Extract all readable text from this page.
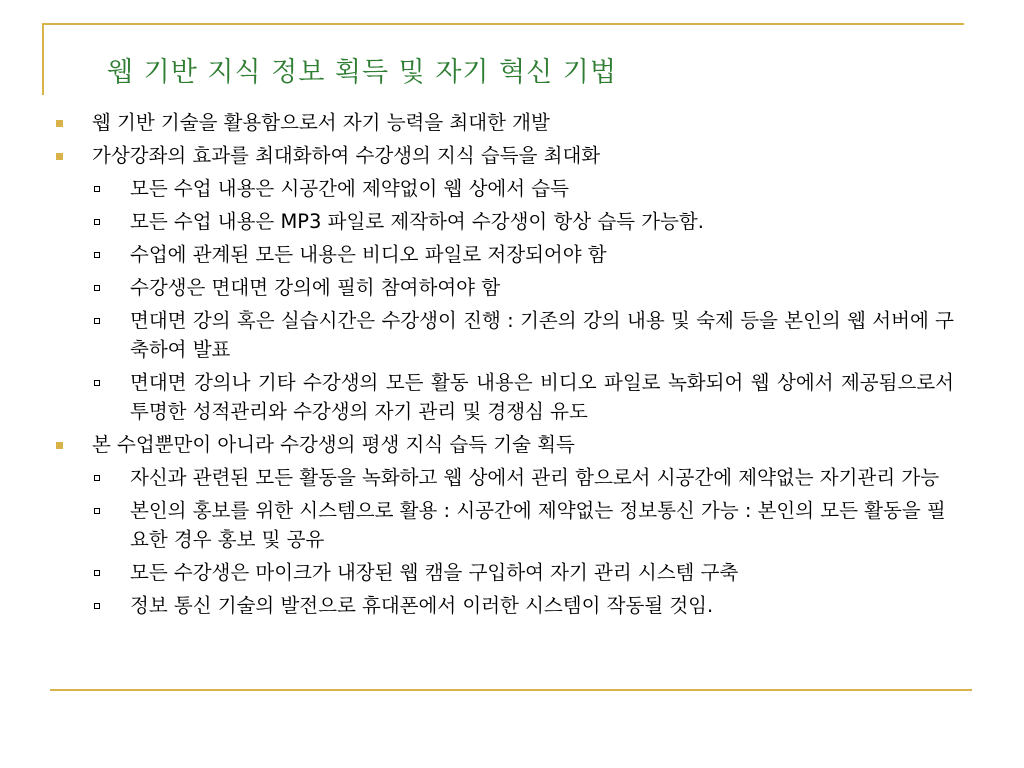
웹 기반 지식 정보 획득 및 자기 혁신 기법
웹 기반 기술을 활용함으로서 자기 능력을 최대한 개발
가상강좌의 효과를 최대화하여 수강생의 지식 습득을 최대화
모든 수업 내용은 시공간에 제약없이 웹 상에서 습득
모든 수업 내용은 MP3 파일로 제작하여 수강생이 항상 습득 가능함.
수업에 관계된 모든 내용은 비디오 파일로 저장되어야 함
수강생은 면대면 강의에 필히 참여하여야 함
면대면 강의 혹은 실습시간은 수강생이 진행 : 기존의 강의 내용 및 숙제 등을 본인의 웹 서버에 구축하여 발표
면대면 강의나 기타 수강생의 모든 활동 내용은 비디오 파일로 녹화되어 웹 상에서 제공됨으로서 투명한 성적관리와 수강생의 자기 관리 및 경쟁심 유도
본 수업뿐만이 아니라 수강생의 평생 지식 습득 기술 획득
자신과 관련된 모든 활동을 녹화하고 웹 상에서 관리 함으로서 시공간에 제약없는 자기관리 가능
본인의 홍보를 위한 시스템으로 활용 : 시공간에 제약없는 정보통신 가능 : 본인의 모든 활동을 필요한 경우 홍보 및 공유
모든 수강생은 마이크가 내장된 웹 캠을 구입하여 자기 관리 시스템 구축
정보 통신 기술의 발전으로 휴대폰에서 이러한 시스템이 작동될 것임.
